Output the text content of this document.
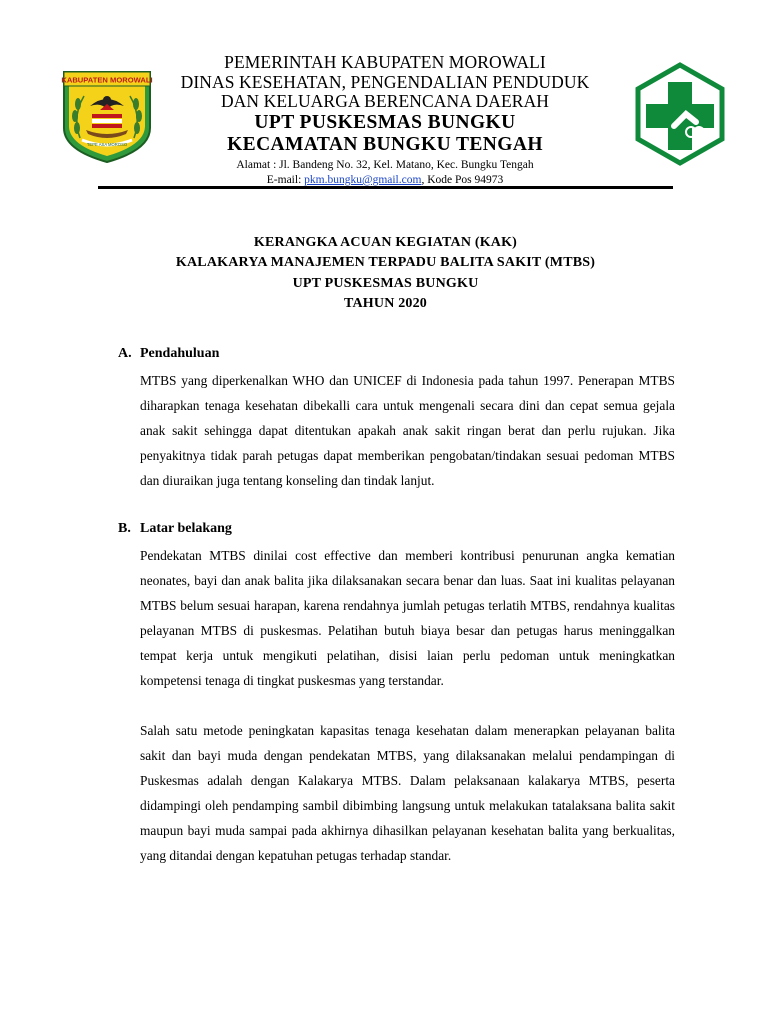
KABUPATEN MOROWALI
TEPE ASA MOROSO
PEMERINTAH KABUPATEN MOROWALI
DINAS KESEHATAN, PENGENDALIAN PENDUDUK
DAN KELUARGA BERENCANA DAERAH
UPT PUSKESMAS BUNGKU
KECAMATAN BUNGKU TENGAH
Alamat : Jl. Bandeng No. 32, Kel. Matano, Kec. Bungku Tengah
E-mail: pkm.bungku@gmail.com, Kode Pos 94973
KERANGKA ACUAN KEGIATAN (KAK)
KALAKARYA MANAJEMEN TERPADU BALITA SAKIT (MTBS)
UPT PUSKESMAS BUNGKU
TAHUN 2020
A. Pendahuluan
MTBS yang diperkenalkan WHO dan UNICEF di Indonesia pada tahun 1997. Penerapan MTBS diharapkan tenaga kesehatan dibekalli cara untuk mengenali secara dini dan cepat semua gejala anak sakit sehingga dapat ditentukan apakah anak sakit ringan berat dan perlu rujukan. Jika penyakitnya tidak parah petugas dapat memberikan pengobatan/tindakan sesuai pedoman MTBS dan diuraikan juga tentang konseling dan tindak lanjut.
B. Latar belakang
Pendekatan MTBS dinilai cost effective dan memberi kontribusi penurunan angka kematian neonates, bayi dan anak balita jika dilaksanakan secara benar dan luas. Saat ini kualitas pelayanan MTBS belum sesuai harapan, karena rendahnya jumlah petugas terlatih MTBS, rendahnya kualitas pelayanan MTBS di puskesmas. Pelatihan butuh biaya besar dan petugas harus meninggalkan tempat kerja untuk mengikuti pelatihan, disisi laian perlu pedoman untuk meningkatkan kompetensi tenaga di tingkat puskesmas yang terstandar.
Salah satu metode peningkatan kapasitas tenaga kesehatan dalam menerapkan pelayanan balita sakit dan bayi muda dengan pendekatan MTBS, yang dilaksanakan melalui pendampingan di Puskesmas adalah dengan Kalakarya MTBS. Dalam pelaksanaan kalakarya MTBS, peserta didampingi oleh pendamping sambil dibimbing langsung untuk melakukan tatalaksana balita sakit maupun bayi muda sampai pada akhirnya dihasilkan pelayanan kesehatan balita yang berkualitas, yang ditandai dengan kepatuhan petugas terhadap standar.
